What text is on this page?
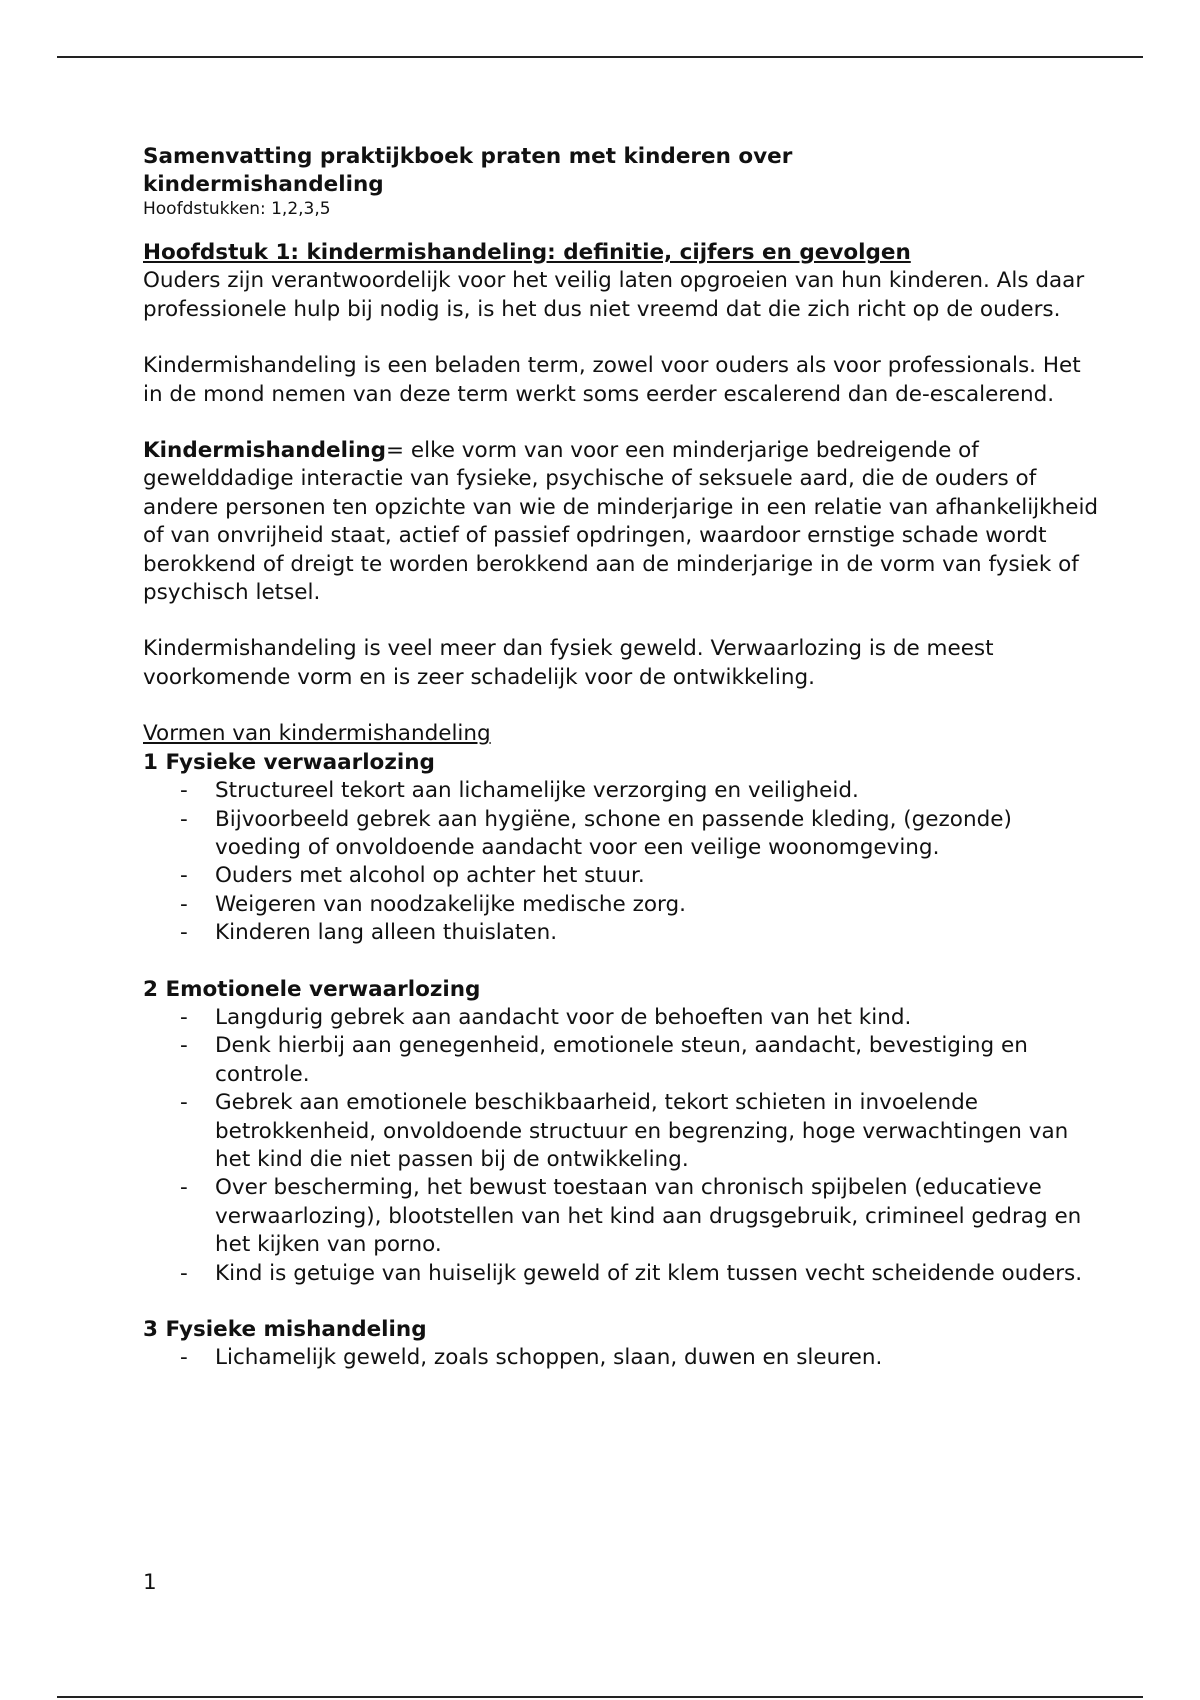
Samenvatting praktijkboek praten met kinderen over kindermishandeling
Hoofdstukken: 1,2,3,5
Hoofdstuk 1: kindermishandeling: definitie, cijfers en gevolgen

Ouders zijn verantwoordelijk voor het veilig laten opgroeien van hun kinderen. Als daar professionele hulp bij nodig is, is het dus niet vreemd dat die zich richt op de ouders.

Kindermishandeling is een beladen term, zowel voor ouders als voor professionals. Het in de mond nemen van deze term werkt soms eerder escalerend dan de-escalerend.

Kindermishandeling= elke vorm van voor een minderjarige bedreigende of gewelddadige interactie van fysieke, psychische of seksuele aard, die de ouders of andere personen ten opzichte van wie de minderjarige in een relatie van afhankelijkheid of van onvrijheid staat, actief of passief opdringen, waardoor ernstige schade wordt berokkend of dreigt te worden berokkend aan de minderjarige in de vorm van fysiek of psychisch letsel.

Kindermishandeling is veel meer dan fysiek geweld. Verwaarlozing is de meest voorkomende vorm en is zeer schadelijk voor de ontwikkeling.

Vormen van kindermishandeling
1 Fysieke verwaarlozing
- Structureel tekort aan lichamelijke verzorging en veiligheid.
- Bijvoorbeeld gebrek aan hygiëne, schone en passende kleding, (gezonde) voeding of onvoldoende aandacht voor een veilige woonomgeving.
- Ouders met alcohol op achter het stuur.
- Weigeren van noodzakelijke medische zorg.
- Kinderen lang alleen thuislaten.
2 Emotionele verwaarlozing
- Langdurig gebrek aan aandacht voor de behoeften van het kind.
- Denk hierbij aan genegenheid, emotionele steun, aandacht, bevestiging en controle.
- Gebrek aan emotionele beschikbaarheid, tekort schieten in invoelende betrokkenheid, onvoldoende structuur en begrenzing, hoge verwachtingen van het kind die niet passen bij de ontwikkeling.
- Over bescherming, het bewust toestaan van chronisch spijbelen (educatieve verwaarlozing), blootstellen van het kind aan drugsgebruik, crimineel gedrag en het kijken van porno.
- Kind is getuige van huiselijk geweld of zit klem tussen vecht scheidende ouders.
3 Fysieke mishandeling
- Lichamelijk geweld, zoals schoppen, slaan, duwen en sleuren.
1
